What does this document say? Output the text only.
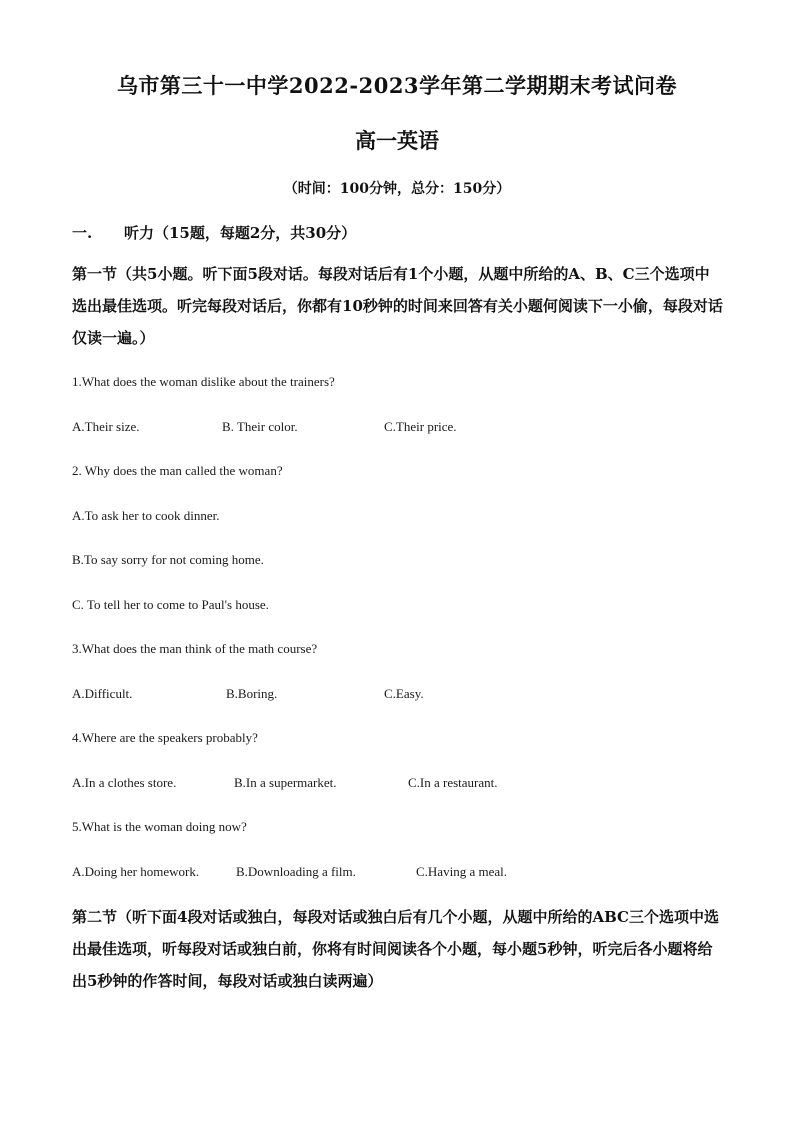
乌市第三十一中学2022-2023学年第二学期期末考试问卷
高一英语
（时间：100分钟，总分：150分）
一. 听力（15题，每题2分，共30分）
第一节（共5小题。听下面5段对话。每段对话后有1个小题，从题中所给的A、B、C三个选项中选出最佳选项。听完每段对话后，你都有10秒钟的时间来回答有关小题何阅读下一小偷，每段对话仅读一遍。）
1.What does the woman dislike about the trainers?
A.Their size.	B. Their color.	C.Their price.
2. Why does the man called the woman?
A.To ask her to cook dinner.
B.To say sorry for not coming home.
C. To tell her to come to Paul's house.
3.What does the man think of the math course?
A.Difficult.	B.Boring.	C.Easy.
4.Where are the speakers probably?
A.In a clothes store.	B.In a supermarket.	C.In a restaurant.
5.What is the woman doing now?
A.Doing her homework.	B.Downloading a film.	C.Having a meal.
第二节（听下面4段对话或独白，每段对话或独白后有几个小题，从题中所给的ABC三个选项中选出最佳选项，听每段对话或独白前，你将有时间阅读各个小题，每小题5秒钟，听完后各小题将给出5秒钟的作答时间，每段对话或独白读两遍）
